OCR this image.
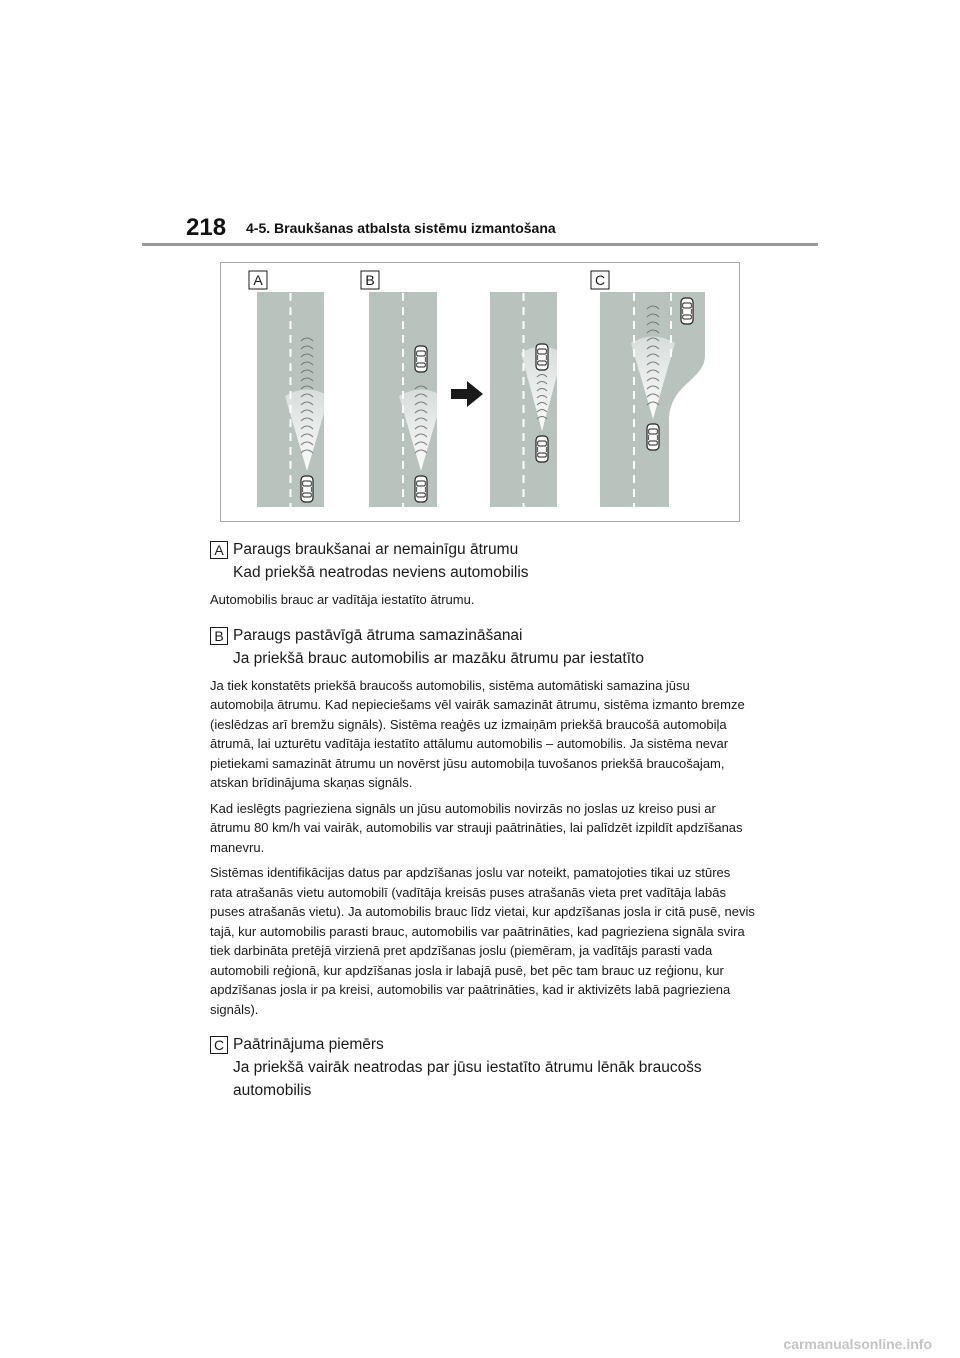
218 4-5. Braukšanas atbalsta sistēmu izmantošana
A	B	C
A Paraugs braukšanai ar nemainīgu ātrumu
Kad priekšā neatrodas neviens automobilis

Automobilis brauc ar vadītāja iestatīto ātrumu.

B Paraugs pastāvīgā ātruma samazināšanai
Ja priekšā brauc automobilis ar mazāku ātrumu par iestatīto

Ja tiek konstatēts priekšā braucošs automobilis, sistēma automātiski samazina jūsu automobiļa ātrumu. Kad nepieciešams vēl vairāk samazināt ātrumu, sistēma izmanto bremze (ieslēdzas arī bremžu signāls). Sistēma reaģēs uz izmaiņām priekšā braucošā automobiļa ātrumā, lai uzturētu vadītāja iestatīto attālumu automobilis – automobilis. Ja sistēma nevar pietiekami samazināt ātrumu un novērst jūsu automobiļa tuvošanos priekšā braucošajam, atskan brīdinājuma skaņas signāls.

Kad ieslēgts pagrieziena signāls un jūsu automobilis novirzās no joslas uz kreiso pusi ar ātrumu 80 km/h vai vairāk, automobilis var strauji paātrināties, lai palīdzēt izpildīt apdzīšanas manevru.

Sistēmas identifikācijas datus par apdzīšanas joslu var noteikt, pamatojoties tikai uz stūres rata atrašanās vietu automobilī (vadītāja kreisās puses atrašanās vieta pret vadītāja labās puses atrašanās vietu). Ja automobilis brauc līdz vietai, kur apdzīšanas josla ir citā pusē, nevis tajā, kur automobilis parasti brauc, automobilis var paātrināties, kad pagrieziena signāla svira tiek darbināta pretējā virzienā pret apdzīšanas joslu (piemēram, ja vadītājs parasti vada automobili reģionā, kur apdzīšanas josla ir labajā pusē, bet pēc tam brauc uz reģionu, kur apdzīšanas josla ir pa kreisi, automobilis var paātrināties, kad ir aktivizēts labā pagrieziena signāls).

C Paātrinājuma piemērs
Ja priekšā vairāk neatrodas par jūsu iestatīto ātrumu lēnāk braucošs automobilis
carmanualsonline.info
